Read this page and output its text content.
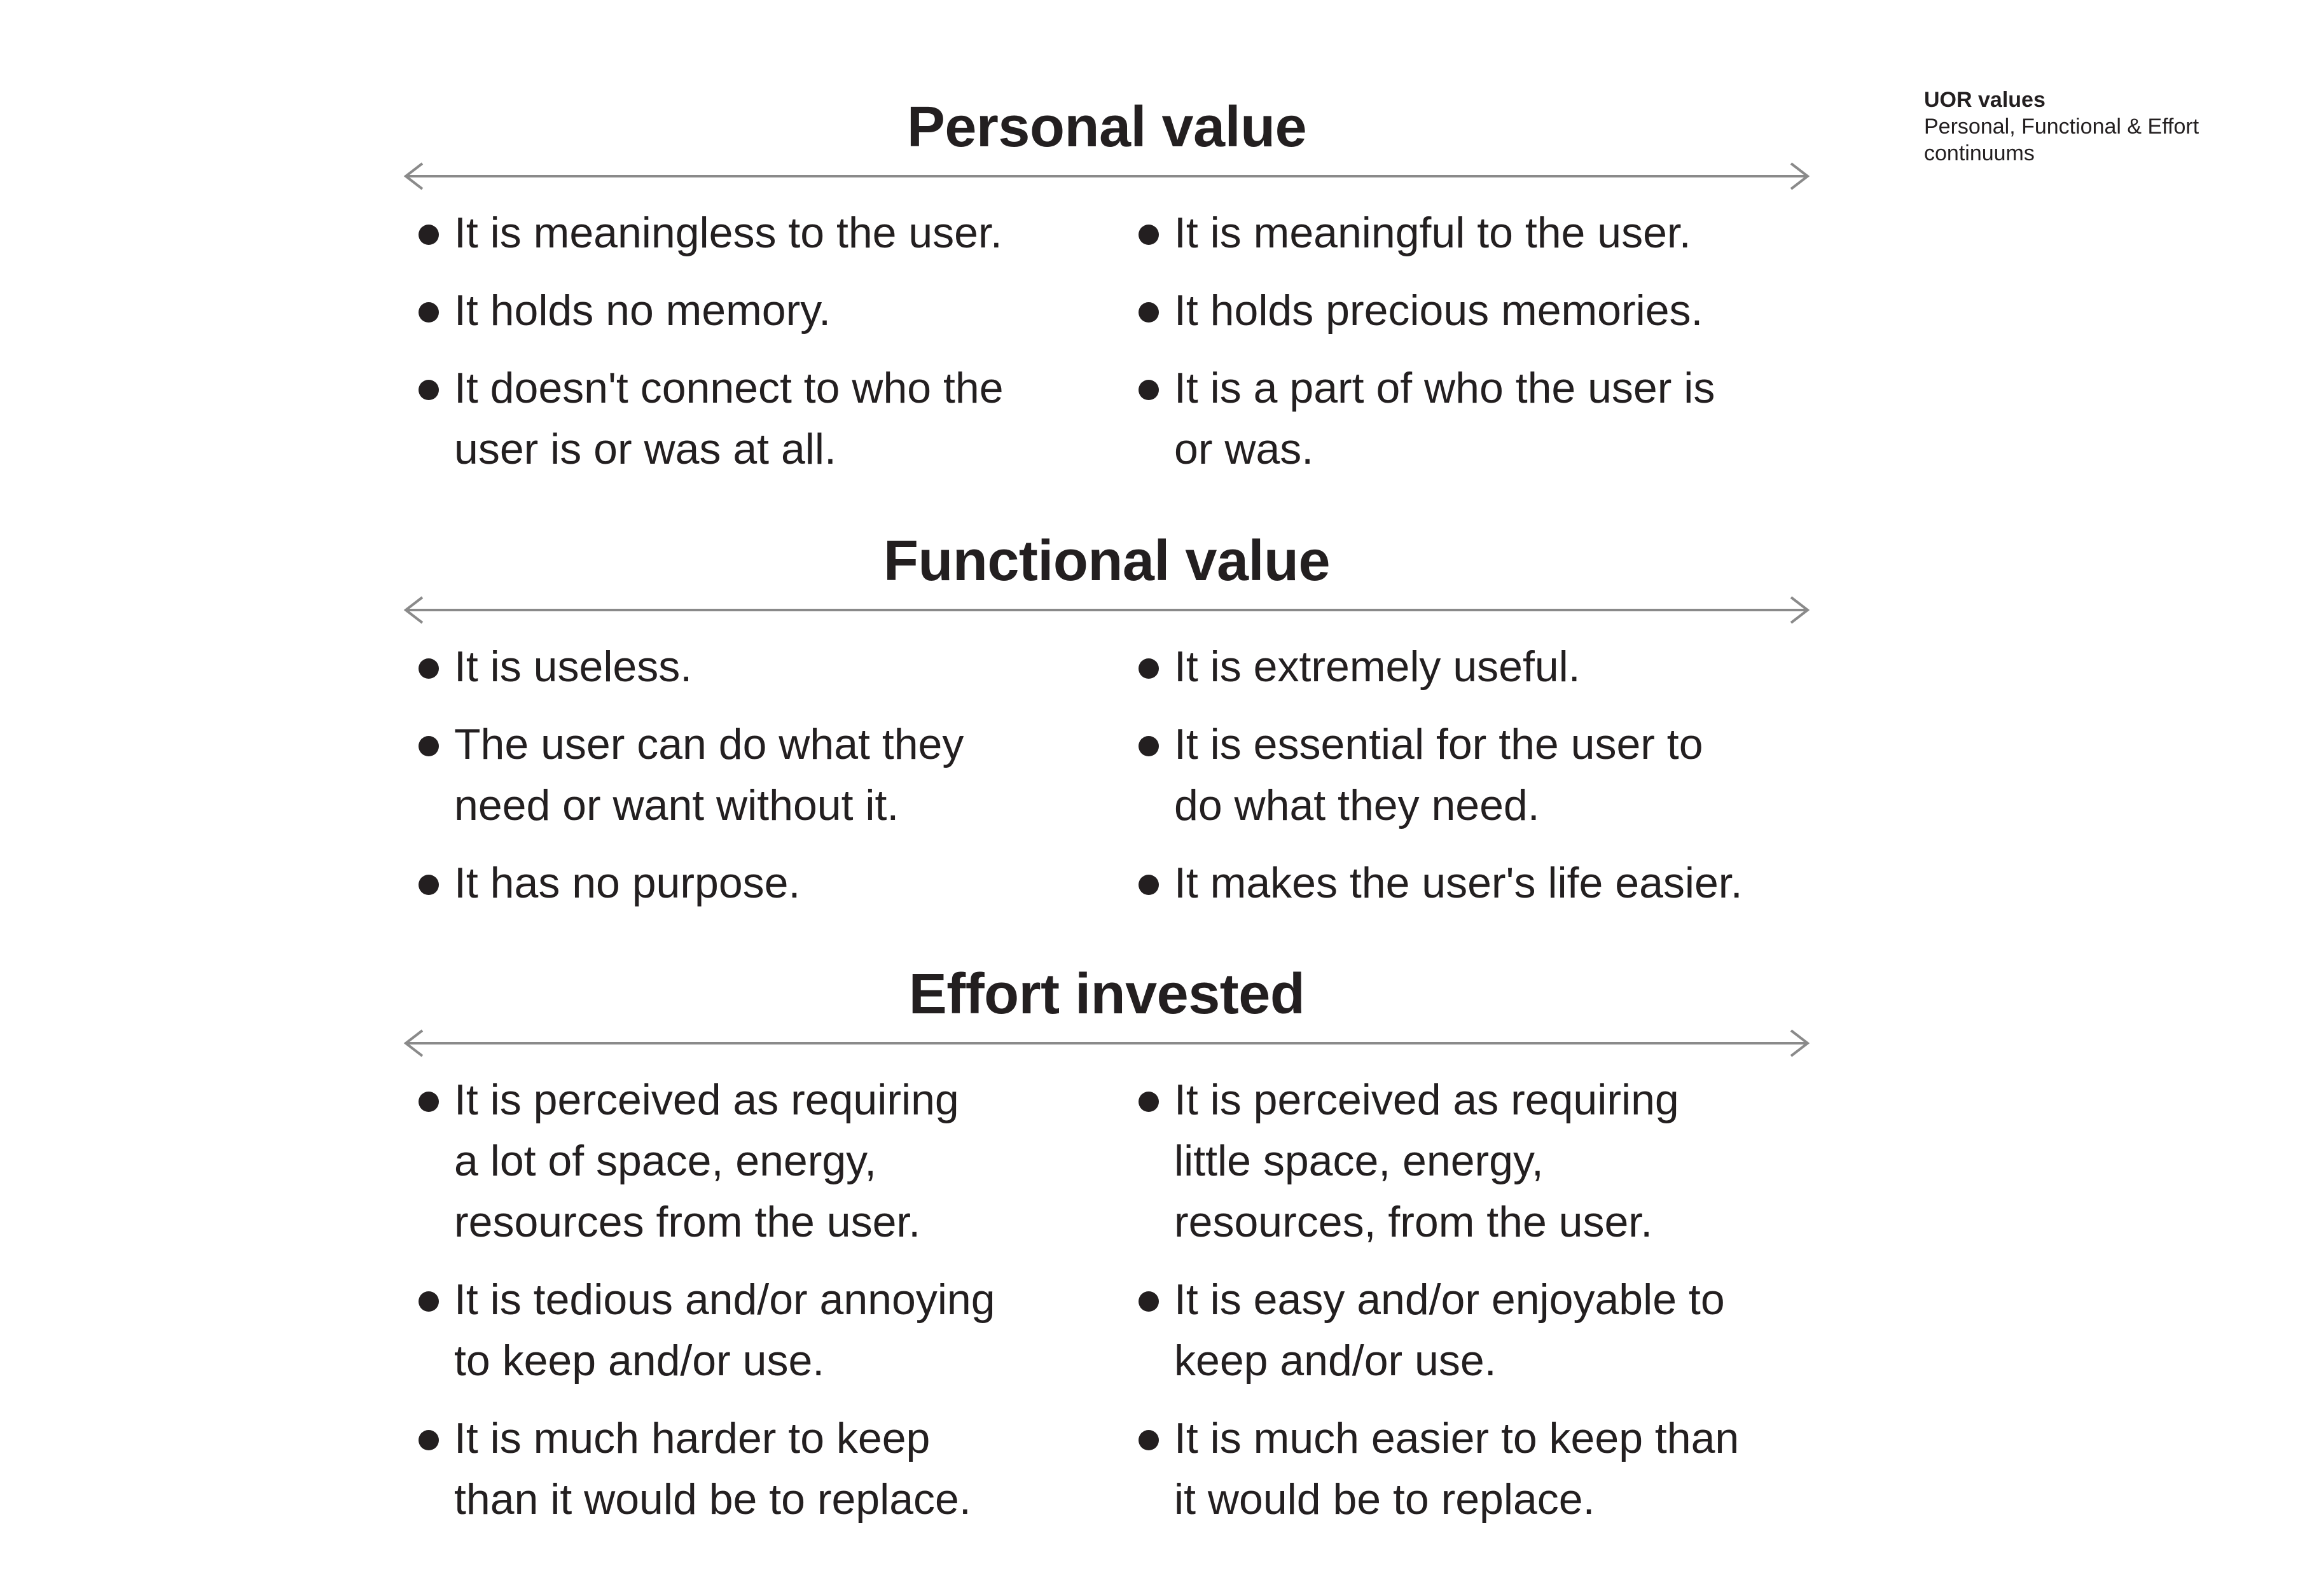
UOR values
Personal, Functional & Effort continuums
Personal value
It is meaningless to the user.
It holds no memory.
It doesn't connect to who the
user is or was at all.
It is meaningful to the user.
It holds precious memories.
It is a part of who the user is
or was.
Functional value
It is useless.
The user can do what they
need or want without it.
It has no purpose.
It is extremely useful.
It is essential for the user to
do what they need.
It makes the user's life easier.
Effort invested
It is perceived as requiring
a lot of space, energy,
resources from the user.
It is tedious and/or annoying
to keep and/or use.
It is much harder to keep
than it would be to replace.
It is perceived as requiring
little space, energy,
resources, from the user.
It is easy and/or enjoyable to
keep and/or use.
It is much easier to keep than
it would be to replace.
